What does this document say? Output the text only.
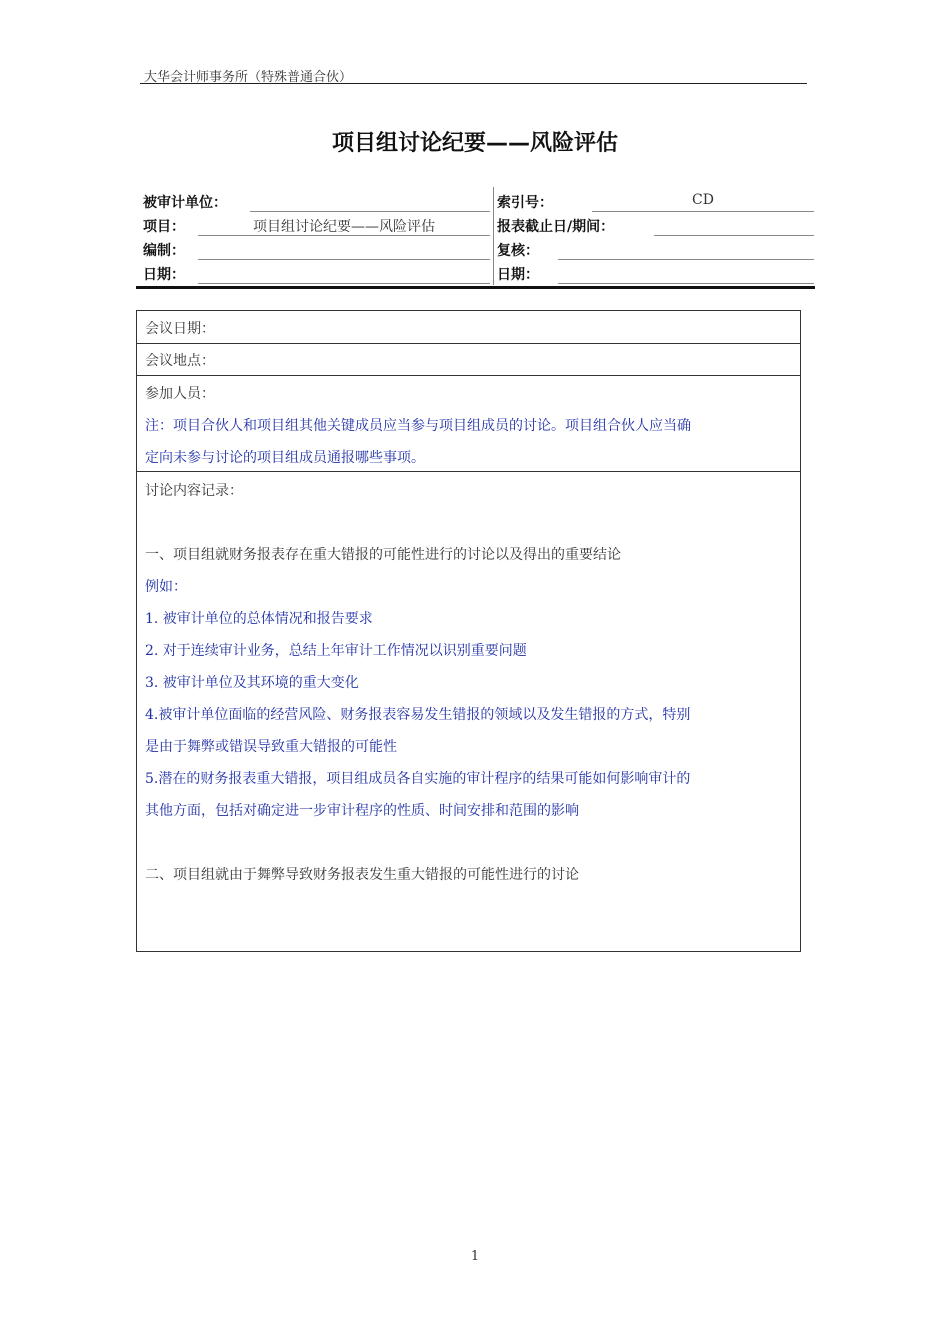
大华会计师事务所（特殊普通合伙）
项目组讨论纪要——风险评估
被审计单位：	索引号：	CD
项目：	项目组讨论纪要——风险评估	报表截止日/期间：
编制：	复核：
日期：	日期：
会议日期：
会议地点：
参加人员：
注：项目合伙人和项目组其他关键成员应当参与项目组成员的讨论。项目组合伙人应当确
定向未参与讨论的项目组成员通报哪些事项。
讨论内容记录：
一、项目组就财务报表存在重大错报的可能性进行的讨论以及得出的重要结论
例如：
1. 被审计单位的总体情况和报告要求
2. 对于连续审计业务，总结上年审计工作情况以识别重要问题
3. 被审计单位及其环境的重大变化
4.被审计单位面临的经营风险、财务报表容易发生错报的领域以及发生错报的方式，特别
是由于舞弊或错误导致重大错报的可能性
5.潜在的财务报表重大错报，项目组成员各自实施的审计程序的结果可能如何影响审计的
其他方面，包括对确定进一步审计程序的性质、时间安排和范围的影响
二、项目组就由于舞弊导致财务报表发生重大错报的可能性进行的讨论
1
